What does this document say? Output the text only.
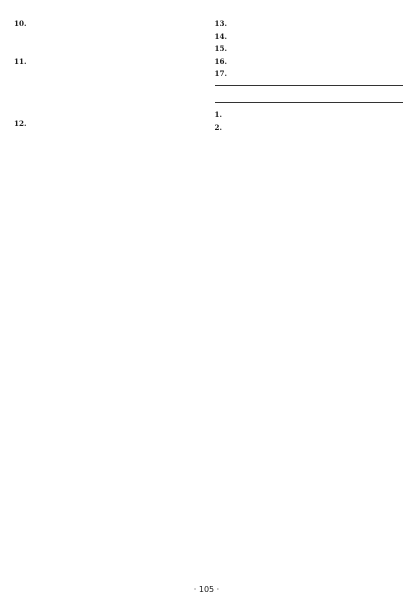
10.

11.

12.

13.

14.

15.

16.

17.

1.

2.

· 105 ·
